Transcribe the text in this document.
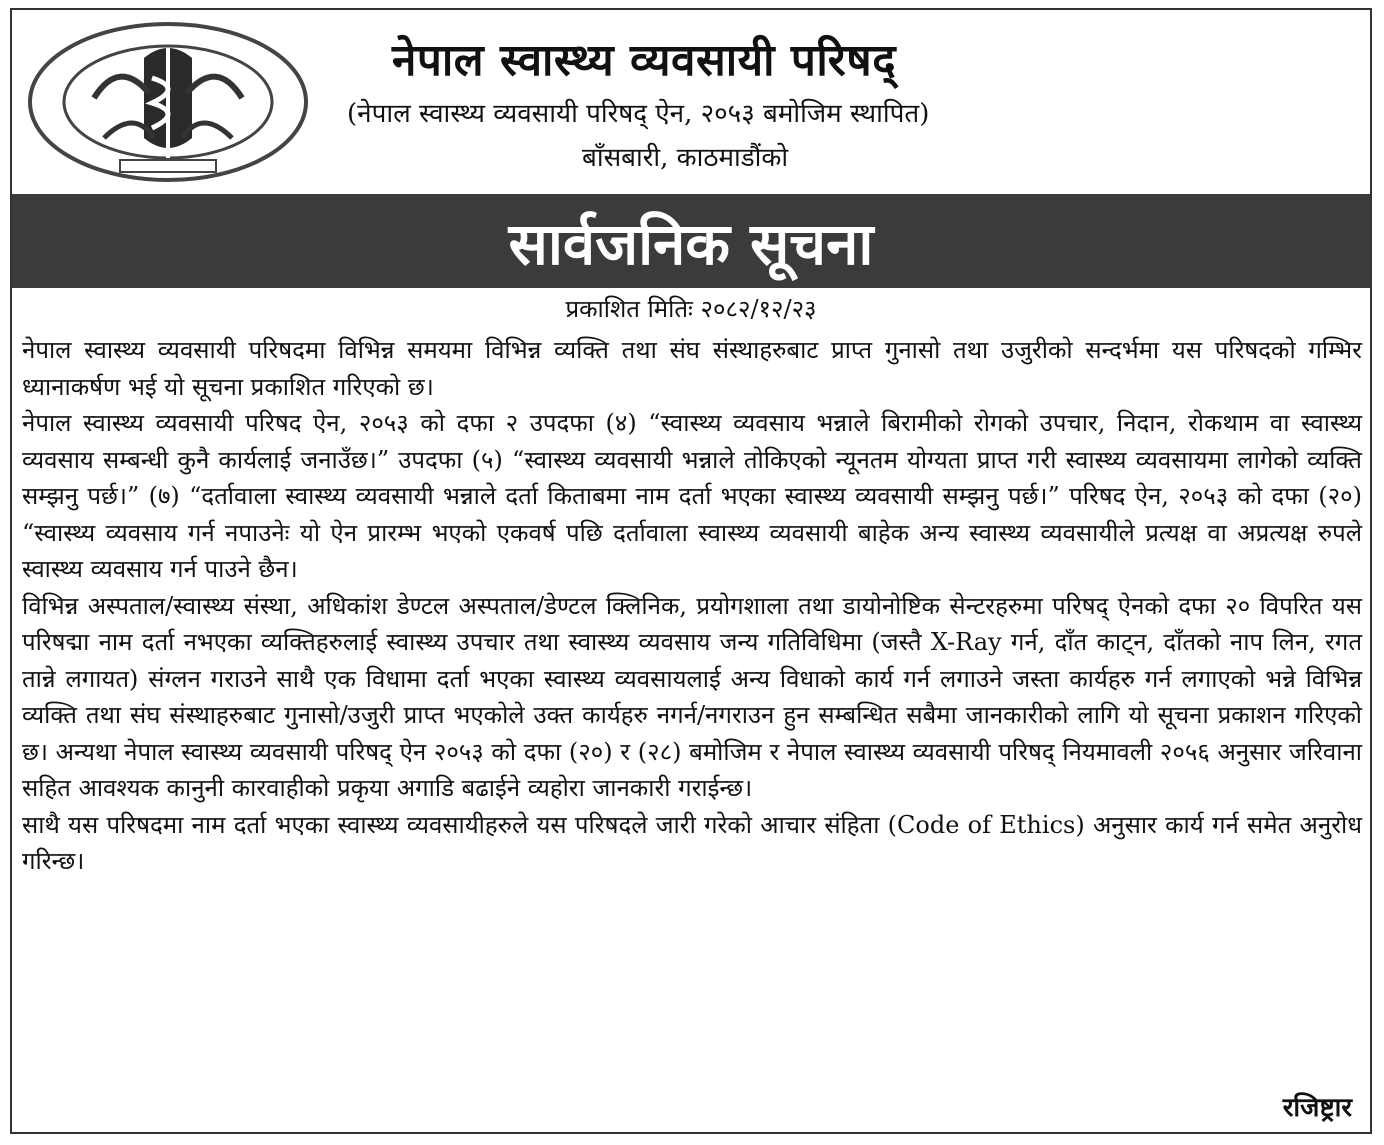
नेपाल स्वास्थ्य व्यवसायी परिषद्
(नेपाल स्वास्थ्य व्यवसायी परिषद् ऐन, २०५३ बमोजिम स्थापित)
बाँसबारी, काठमाडौंको
सार्वजनिक सूचना
प्रकाशित मितिः २०८२/१२/२३

नेपाल स्वास्थ्य व्यवसायी परिषदमा विभिन्न समयमा विभिन्न व्यक्ति तथा संघ संस्थाहरुबाट प्राप्त गुनासो तथा उजुरीको सन्दर्भमा यस परिषदको गम्भिर ध्यानाकर्षण भई यो सूचना प्रकाशित गरिएको छ।

नेपाल स्वास्थ्य व्यवसायी परिषद ऐन, २०५३ को दफा २ उपदफा (४) “स्वास्थ्य व्यवसाय भन्नाले बिरामीको रोगको उपचार, निदान, रोकथाम वा स्वास्थ्य व्यवसाय सम्बन्धी कुनै कार्यलाई जनाउँछ।” उपदफा (५) “स्वास्थ्य व्यवसायी भन्नाले तोकिएको न्यूनतम योग्यता प्राप्त गरी स्वास्थ्य व्यवसायमा लागेको व्यक्ति सम्झनु पर्छ।” (७) “दर्तावाला स्वास्थ्य व्यवसायी भन्नाले दर्ता किताबमा नाम दर्ता भएका स्वास्थ्य व्यवसायी सम्झनु पर्छ।” परिषद ऐन, २०५३ को दफा (२०) “स्वास्थ्य व्यवसाय गर्न नपाउनेः यो ऐन प्रारम्भ भएको एकवर्ष पछि दर्तावाला स्वास्थ्य व्यवसायी बाहेक अन्य स्वास्थ्य व्यवसायीले प्रत्यक्ष वा अप्रत्यक्ष रुपले स्वास्थ्य व्यवसाय गर्न पाउने छैन।

विभिन्न अस्पताल/स्वास्थ्य संस्था, अधिकांश डेण्टल अस्पताल/डेण्टल क्लिनिक, प्रयोगशाला तथा डायोनोष्टिक सेन्टरहरुमा परिषद् ऐनको दफा २० विपरित यस परिषद्मा नाम दर्ता नभएका व्यक्तिहरुलाई स्वास्थ्य उपचार तथा स्वास्थ्य व्यवसाय जन्य गतिविधिमा (जस्तै X-Ray गर्न, दाँत काट्न, दाँतको नाप लिन, रगत तान्ने लगायत) संग्लन गराउने साथै एक विधामा दर्ता भएका स्वास्थ्य व्यवसायलाई अन्य विधाको कार्य गर्न लगाउने जस्ता कार्यहरु गर्न लगाएको भन्ने विभिन्न व्यक्ति तथा संघ संस्थाहरुबाट गुनासो/उजुरी प्राप्त भएकोले उक्त कार्यहरु नगर्न/नगराउन हुन सम्बन्धित सबैमा जानकारीको लागि यो सूचना प्रकाशन गरिएको छ। अन्यथा नेपाल स्वास्थ्य व्यवसायी परिषद् ऐन २०५३ को दफा (२०) र (२८) बमोजिम र नेपाल स्वास्थ्य व्यवसायी परिषद् नियमावली २०५६ अनुसार जरिवाना सहित आवश्यक कानुनी कारवाहीको प्रकृया अगाडि बढाईने व्यहोरा जानकारी गराईन्छ।

साथै यस परिषदमा नाम दर्ता भएका स्वास्थ्य व्यवसायीहरुले यस परिषदले जारी गरेको आचार संहिता (Code of Ethics) अनुसार कार्य गर्न समेत अनुरोध गरिन्छ।

रजिष्ट्रार
